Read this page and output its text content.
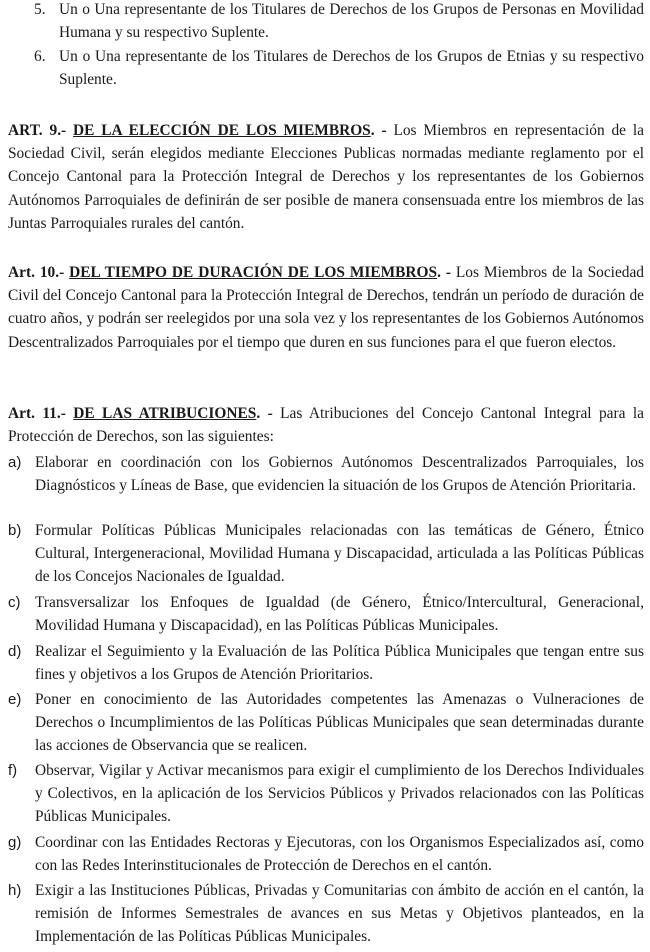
5. Un o Una representante de los Titulares de Derechos de los Grupos de Personas en Movilidad Humana y su respectivo Suplente.
6. Un o Una representante de los Titulares de Derechos de los Grupos de Etnias y su respectivo Suplente.
ART. 9.- DE LA ELECCIÓN DE LOS MIEMBROS. - Los Miembros en representación de la Sociedad Civil, serán elegidos mediante Elecciones Publicas normadas mediante reglamento por el Concejo Cantonal para la Protección Integral de Derechos y los representantes de los Gobiernos Autónomos Parroquiales de definirán de ser posible de manera consensuada entre los miembros de las Juntas Parroquiales rurales del cantón.
Art. 10.- DEL TIEMPO DE DURACIÓN DE LOS MIEMBROS. - Los Miembros de la Sociedad Civil del Concejo Cantonal para la Protección Integral de Derechos, tendrán un período de duración de cuatro años, y podrán ser reelegidos por una sola vez y los representantes de los Gobiernos Autónomos Descentralizados Parroquiales por el tiempo que duren en sus funciones para el que fueron electos.
Art. 11.- DE LAS ATRIBUCIONES. - Las Atribuciones del Concejo Cantonal Integral para la Protección de Derechos, son las siguientes:
a) Elaborar en coordinación con los Gobiernos Autónomos Descentralizados Parroquiales, los Diagnósticos y Líneas de Base, que evidencien la situación de los Grupos de Atención Prioritaria.
b) Formular Políticas Públicas Municipales relacionadas con las temáticas de Género, Étnico Cultural, Intergeneracional, Movilidad Humana y Discapacidad, articulada a las Políticas Públicas de los Concejos Nacionales de Igualdad.
c) Transversalizar los Enfoques de Igualdad (de Género, Étnico/Intercultural, Generacional, Movilidad Humana y Discapacidad), en las Políticas Públicas Municipales.
d) Realizar el Seguimiento y la Evaluación de las Política Pública Municipales que tengan entre sus fines y objetivos a los Grupos de Atención Prioritarios.
e) Poner en conocimiento de las Autoridades competentes las Amenazas o Vulneraciones de Derechos o Incumplimientos de las Políticas Públicas Municipales que sean determinadas durante las acciones de Observancia que se realicen.
f)	Observar, Vigilar y Activar mecanismos para exigir el cumplimiento de los Derechos Individuales y Colectivos, en la aplicación de los Servicios Públicos y Privados relacionados con las Políticas Públicas Municipales.
g) Coordinar con las Entidades Rectoras y Ejecutoras, con los Organismos Especializados así, como con las Redes Interinstitucionales de Protección de Derechos en el cantón.
h) Exigir a las Instituciones Públicas, Privadas y Comunitarias con ámbito de acción en el cantón, la remisión de Informes Semestrales de avances en sus Metas y Objetivos planteados, en la Implementación de las Políticas Públicas Municipales.
